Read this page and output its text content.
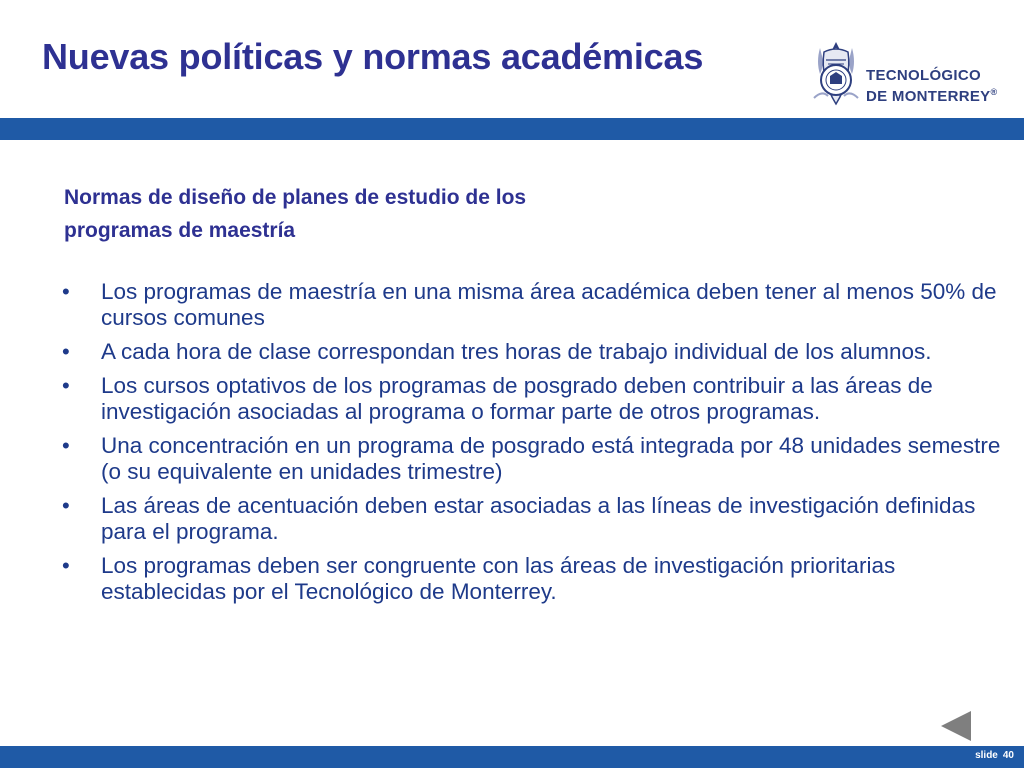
Nuevas políticas y normas académicas	TECNOLÓGICO
DE MONTERREY®
Normas de diseño de planes de estudio de los
programas de maestría
• Los programas de maestría en una misma área académica deben tener al menos 50% de cursos comunes
• A cada hora de clase correspondan tres horas de trabajo individual de los alumnos.
• Los cursos optativos de los programas de posgrado deben contribuir a las áreas de investigación asociadas al programa o formar parte de otros programas.
• Una concentración en un programa de posgrado está integrada por 48 unidades semestre (o su equivalente en unidades trimestre)
• Las áreas de acentuación deben estar asociadas a las líneas de investigación definidas para el programa.
• Los programas deben ser congruente con las áreas de investigación prioritarias establecidas por el Tecnológico de Monterrey.
slide 40
